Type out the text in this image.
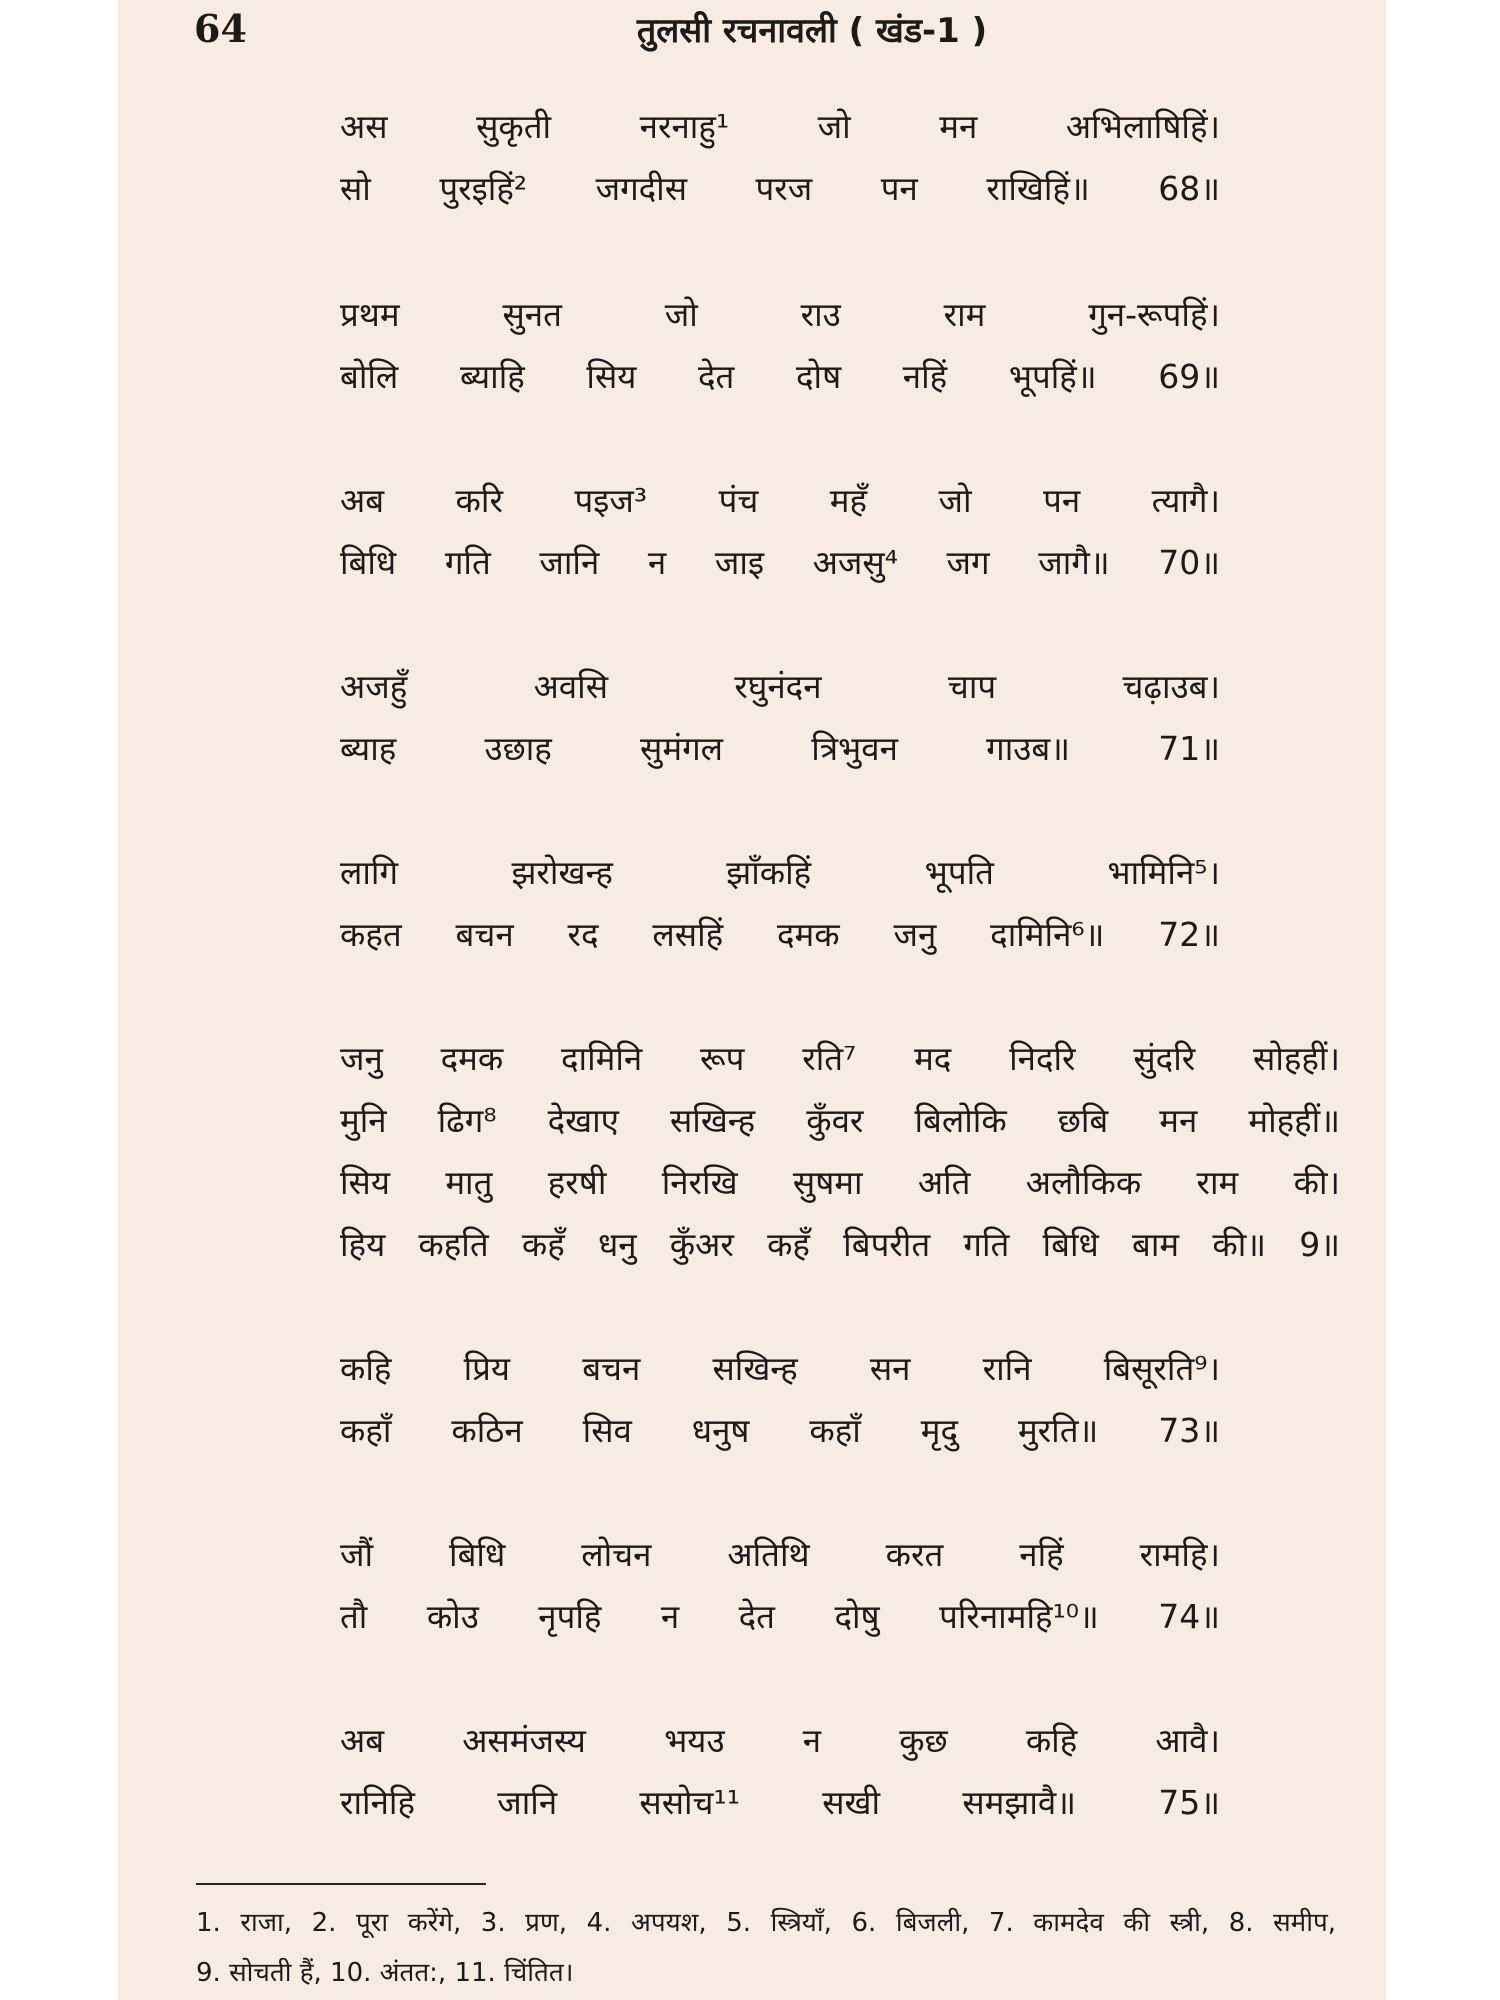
64	तुलसी रचनावली ( खंड-1 )
अस सुकृती नरनाहु¹ जो मन अभिलाषिहिं।
सो पुरइहिं² जगदीस परज पन राखिहिं॥ 68॥
प्रथम सुनत जो राउ राम गुन-रूपहिं।
बोलि ब्याहि सिय देत दोष नहिं भूपहिं॥ 69॥
अब करि पइज³ पंच महँ जो पन त्यागै।
बिधि गति जानि न जाइ अजसु⁴ जग जागै॥ 70॥
अजहुँ अवसि रघुनंदन चाप चढ़ाउब।
ब्याह उछाह सुमंगल त्रिभुवन गाउब॥ 71॥
लागि झरोखन्ह झाँकहिं भूपति भामिनि⁵।
कहत बचन रद लसहिं दमक जनु दामिनि⁶॥ 72॥
जनु दमक दामिनि रूप रति⁷ मद निदरि सुंदरि सोहहीं।
मुनि ढिग⁸ देखाए सखिन्ह कुँवर बिलोकि छबि मन मोहहीं॥
सिय मातु हरषी निरखि सुषमा अति अलौकिक राम की।
हिय कहति कहँ धनु कुँअर कहँ बिपरीत गति बिधि बाम की॥ 9॥
कहि प्रिय बचन सखिन्ह सन रानि बिसूरति⁹।
कहाँ कठिन सिव धनुष कहाँ मृदु मुरति॥ 73॥
जौं बिधि लोचन अतिथि करत नहिं रामहि।
तौ कोउ नृपहि न देत दोषु परिनामहि¹⁰॥ 74॥
अब असमंजस्य भयउ न कुछ कहि आवै।
रानिहि जानि ससोच¹¹ सखी समझावै॥ 75॥
1. राजा, 2. पूरा करेंगे, 3. प्रण, 4. अपयश, 5. स्त्रियाँ, 6. बिजली, 7. कामदेव की स्त्री, 8. समीप,
9. सोचती हैं, 10. अंतत:, 11. चिंतित।
